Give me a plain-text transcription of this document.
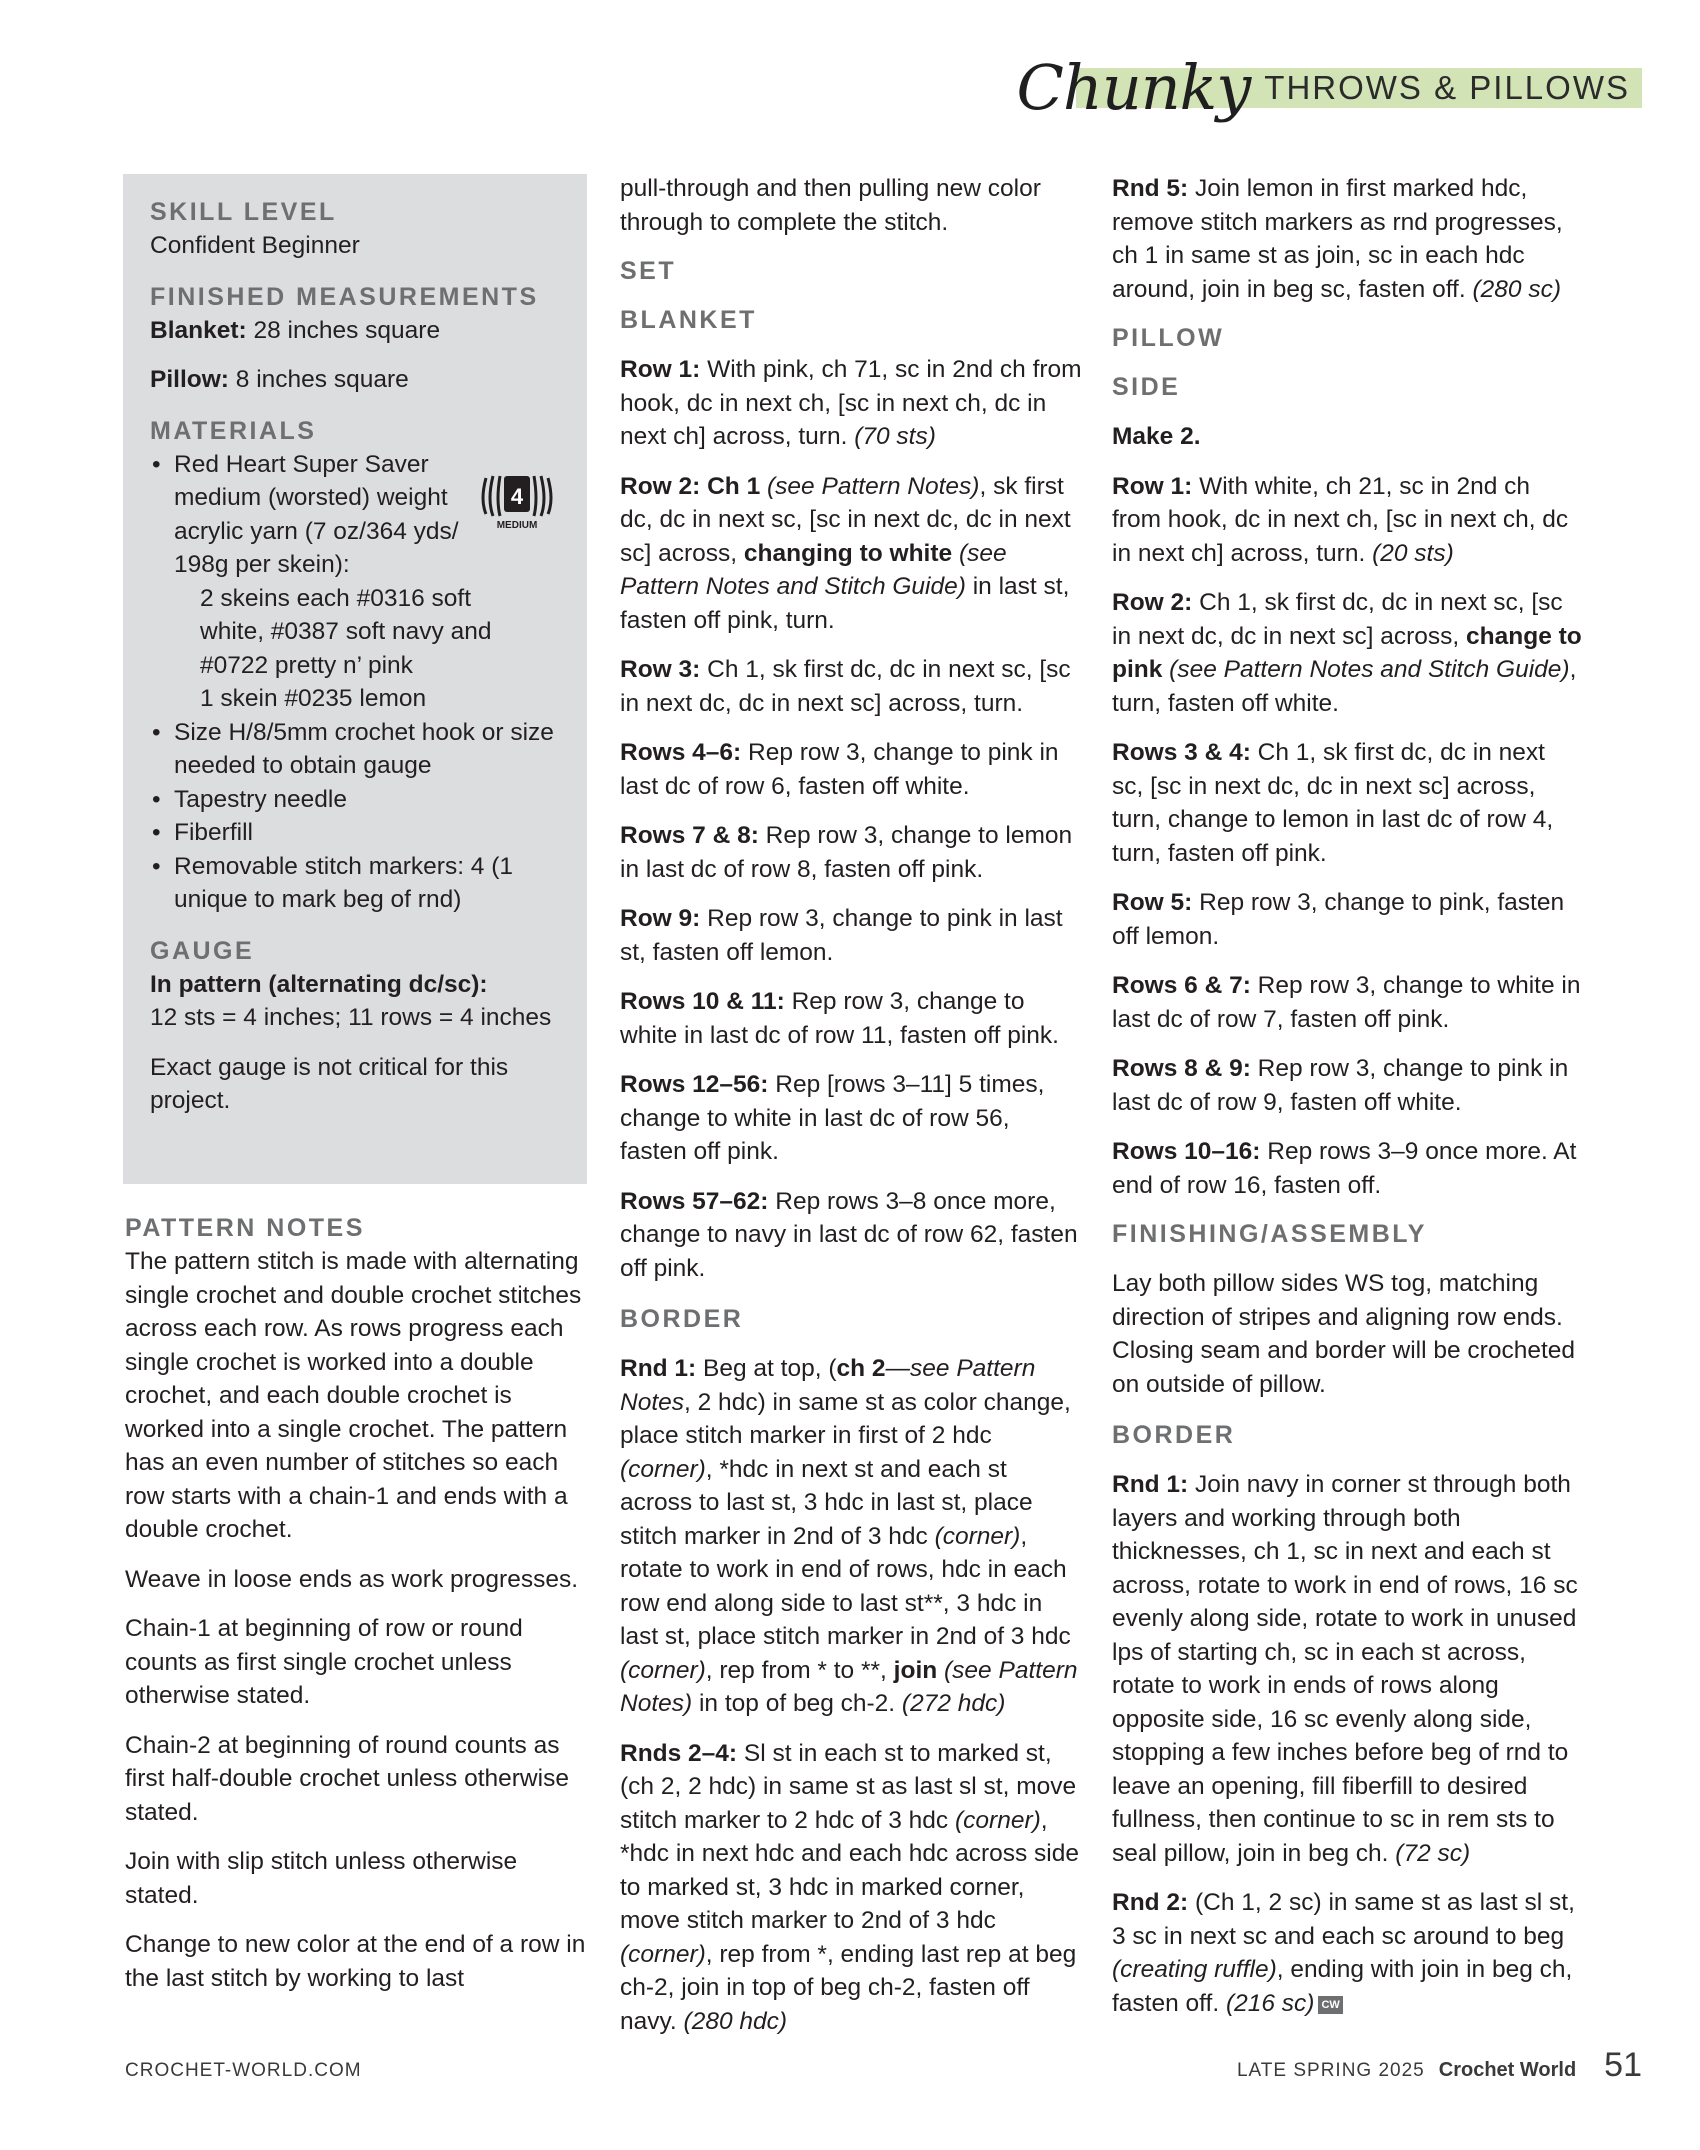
Chunky THROWS & PILLOWS
4
MEDIUM

SKILL LEVEL

Confident Beginner

FINISHED MEASUREMENTS

Blanket: 28 inches square
Pillow: 8 inches square

MATERIALS

• Red Heart Super Saver medium (worsted) weight acrylic yarn (7 oz/364 yds/ 198g per skein):
2 skeins each #0316 soft white, #0387 soft navy and #0722 pretty n’ pink
1 skein #0235 lemon
• Size H/8/5mm crochet hook or size needed to obtain gauge
• Tapestry needle
• Fiberfill
• Removable stitch markers: 4 (1 unique to mark beg of rnd)

GAUGE

In pattern (alternating dc/sc):
12 sts = 4 inches; 11 rows = 4 inches
Exact gauge is not critical for this project.

PATTERN NOTES

The pattern stitch is made with alternating single crochet and double crochet stitches across each row. As rows progress each single crochet is worked into a double crochet, and each double crochet is worked into a single crochet. The pattern has an even number of stitches so each row starts with a chain-1 and ends with a double crochet.

Weave in loose ends as work progresses.

Chain-1 at beginning of row or round counts as first single crochet unless otherwise stated.

Chain-2 at beginning of round counts as first half-double crochet unless otherwise stated.

Join with slip stitch unless otherwise stated.

Change to new color at the end of a row in the last stitch by working to last

pull-through and then pulling new color through to complete the stitch.

SET

BLANKET

Row 1: With pink, ch 71, sc in 2nd ch from hook, dc in next ch, [sc in next ch, dc in next ch] across, turn. (70 sts)

Row 2: Ch 1 (see Pattern Notes), sk first dc, dc in next sc, [sc in next dc, dc in next sc] across, changing to white (see Pattern Notes and Stitch Guide) in last st, fasten off pink, turn.

Row 3: Ch 1, sk first dc, dc in next sc, [sc in next dc, dc in next sc] across, turn.

Rows 4–6: Rep row 3, change to pink in last dc of row 6, fasten off white.

Rows 7 & 8: Rep row 3, change to lemon in last dc of row 8, fasten off pink.

Row 9: Rep row 3, change to pink in last st, fasten off lemon.

Rows 10 & 11: Rep row 3, change to white in last dc of row 11, fasten off pink.

Rows 12–56: Rep [rows 3–11] 5 times, change to white in last dc of row 56, fasten off pink.

Rows 57–62: Rep rows 3–8 once more, change to navy in last dc of row 62, fasten off pink.

BORDER

Rnd 1: Beg at top, (ch 2—see Pattern Notes, 2 hdc) in same st as color change, place stitch marker in first of 2 hdc (corner), *hdc in next st and each st across to last st, 3 hdc in last st, place stitch marker in 2nd of 3 hdc (corner), rotate to work in end of rows, hdc in each row end along side to last st**, 3 hdc in last st, place stitch marker in 2nd of 3 hdc (corner), rep from * to **, join (see Pattern Notes) in top of beg ch-2. (272 hdc)

Rnds 2–4: Sl st in each st to marked st, (ch 2, 2 hdc) in same st as last sl st, move stitch marker to 2 hdc of 3 hdc (corner), *hdc in next hdc and each hdc across side to marked st, 3 hdc in marked corner, move stitch marker to 2nd of 3 hdc (corner), rep from *, ending last rep at beg ch-2, join in top of beg ch-2, fasten off navy. (280 hdc)

Rnd 5: Join lemon in first marked hdc, remove stitch markers as rnd progresses, ch 1 in same st as join, sc in each hdc around, join in beg sc, fasten off. (280 sc)

PILLOW

SIDE

Make 2.

Row 1: With white, ch 21, sc in 2nd ch from hook, dc in next ch, [sc in next ch, dc in next ch] across, turn. (20 sts)

Row 2: Ch 1, sk first dc, dc in next sc, [sc in next dc, dc in next sc] across, change to pink (see Pattern Notes and Stitch Guide), turn, fasten off white.

Rows 3 & 4: Ch 1, sk first dc, dc in next sc, [sc in next dc, dc in next sc] across, turn, change to lemon in last dc of row 4, turn, fasten off pink.

Row 5: Rep row 3, change to pink, fasten off lemon.

Rows 6 & 7: Rep row 3, change to white in last dc of row 7, fasten off pink.

Rows 8 & 9: Rep row 3, change to pink in last dc of row 9, fasten off white.

Rows 10–16: Rep rows 3–9 once more. At end of row 16, fasten off.

FINISHING/ASSEMBLY

Lay both pillow sides WS tog, matching direction of stripes and aligning row ends. Closing seam and border will be crocheted on outside of pillow.

BORDER

Rnd 1: Join navy in corner st through both layers and working through both thicknesses, ch 1, sc in next and each st across, rotate to work in end of rows, 16 sc evenly along side, rotate to work in unused lps of starting ch, sc in each st across, rotate to work in ends of rows along opposite side, 16 sc evenly along side, stopping a few inches before beg of rnd to leave an opening, fill fiberfill to desired fullness, then continue to sc in rem sts to seal pillow, join in beg ch. (72 sc)

Rnd 2: (Ch 1, 2 sc) in same st as last sl st, 3 sc in next sc and each sc around to beg (creating ruffle), ending with join in beg ch, fasten off. (216 sc) CW

CROCHET-WORLD.COM	LATE SPRING 2025 Crochet World 51
